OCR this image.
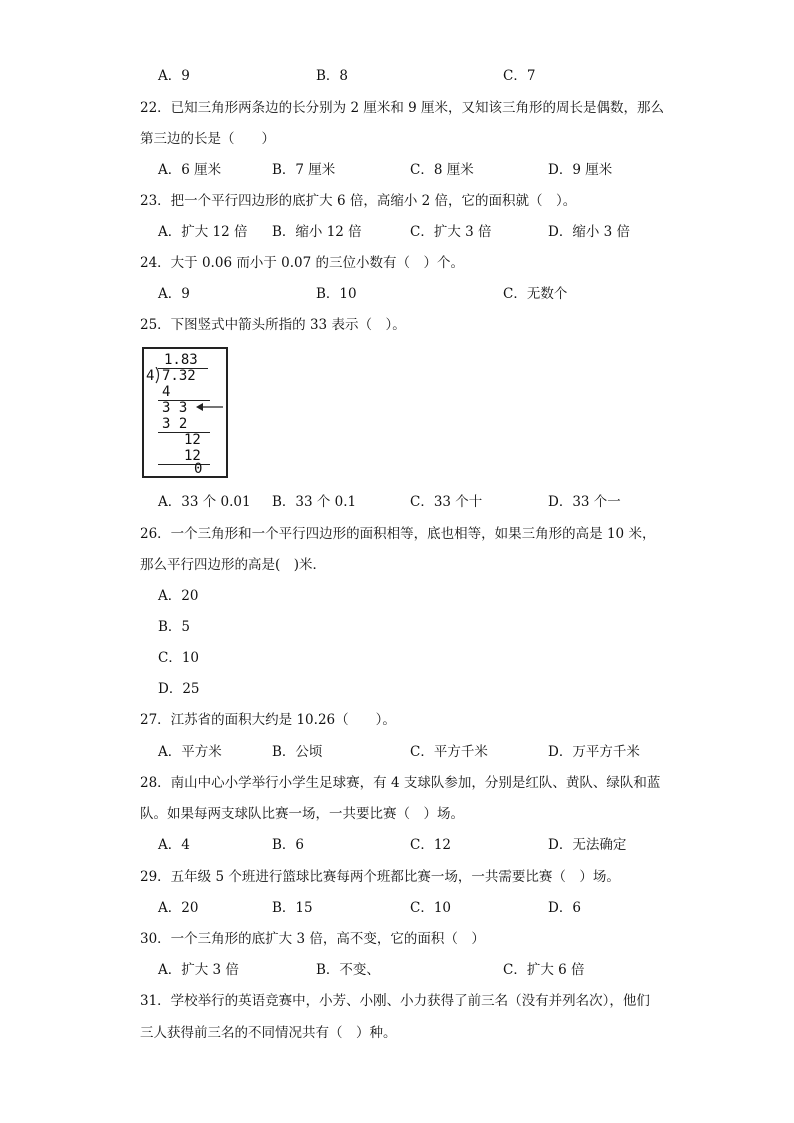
A．9	B．8	C．7
22．已知三角形两条边的长分别为 2 厘米和 9 厘米，又知该三角形的周长是偶数，那么
第三边的长是（　　）
A．6 厘米	B．7 厘米	C．8 厘米	D．9 厘米
23．把一个平行四边形的底扩大 6 倍，高缩小 2 倍，它的面积就（　）。
A．扩大 12 倍 B．缩小 12 倍	C．扩大 3 倍	D．缩小 3 倍
24．大于 0.06 而小于 0.07 的三位小数有（　）个。
A．9	B．10	C．无数个
25．下图竖式中箭头所指的 33 表示（　）。
1.83
4 7.32
4
3 3
3 2
12
12
0
A．33 个 0.01 B．33 个 0.1	C．33 个十	D．33 个一
26．一个三角形和一个平行四边形的面积相等，底也相等，如果三角形的高是 10 米，
那么平行四边形的高是(　)米．
A．20
B．5
C．10
D．25
27．江苏省的面积大约是 10.26（　　）。
A．平方米	B．公顷	C．平方千米	D．万平方千米
28．南山中心小学举行小学生足球赛，有 4 支球队参加，分别是红队、黄队、绿队和蓝
队。如果每两支球队比赛一场，一共要比赛（　）场。
A．4	B．6	C．12	D．无法确定
29．五年级 5 个班进行篮球比赛每两个班都比赛一场，一共需要比赛（　）场。
A．20	B．15	C．10	D．6
30．一个三角形的底扩大 3 倍，高不变，它的面积（　）
A．扩大 3 倍	B．不变、	C．扩大 6 倍
31．学校举行的英语竞赛中，小芳、小刚、小力获得了前三名（没有并列名次），他们
三人获得前三名的不同情况共有（　）种。
